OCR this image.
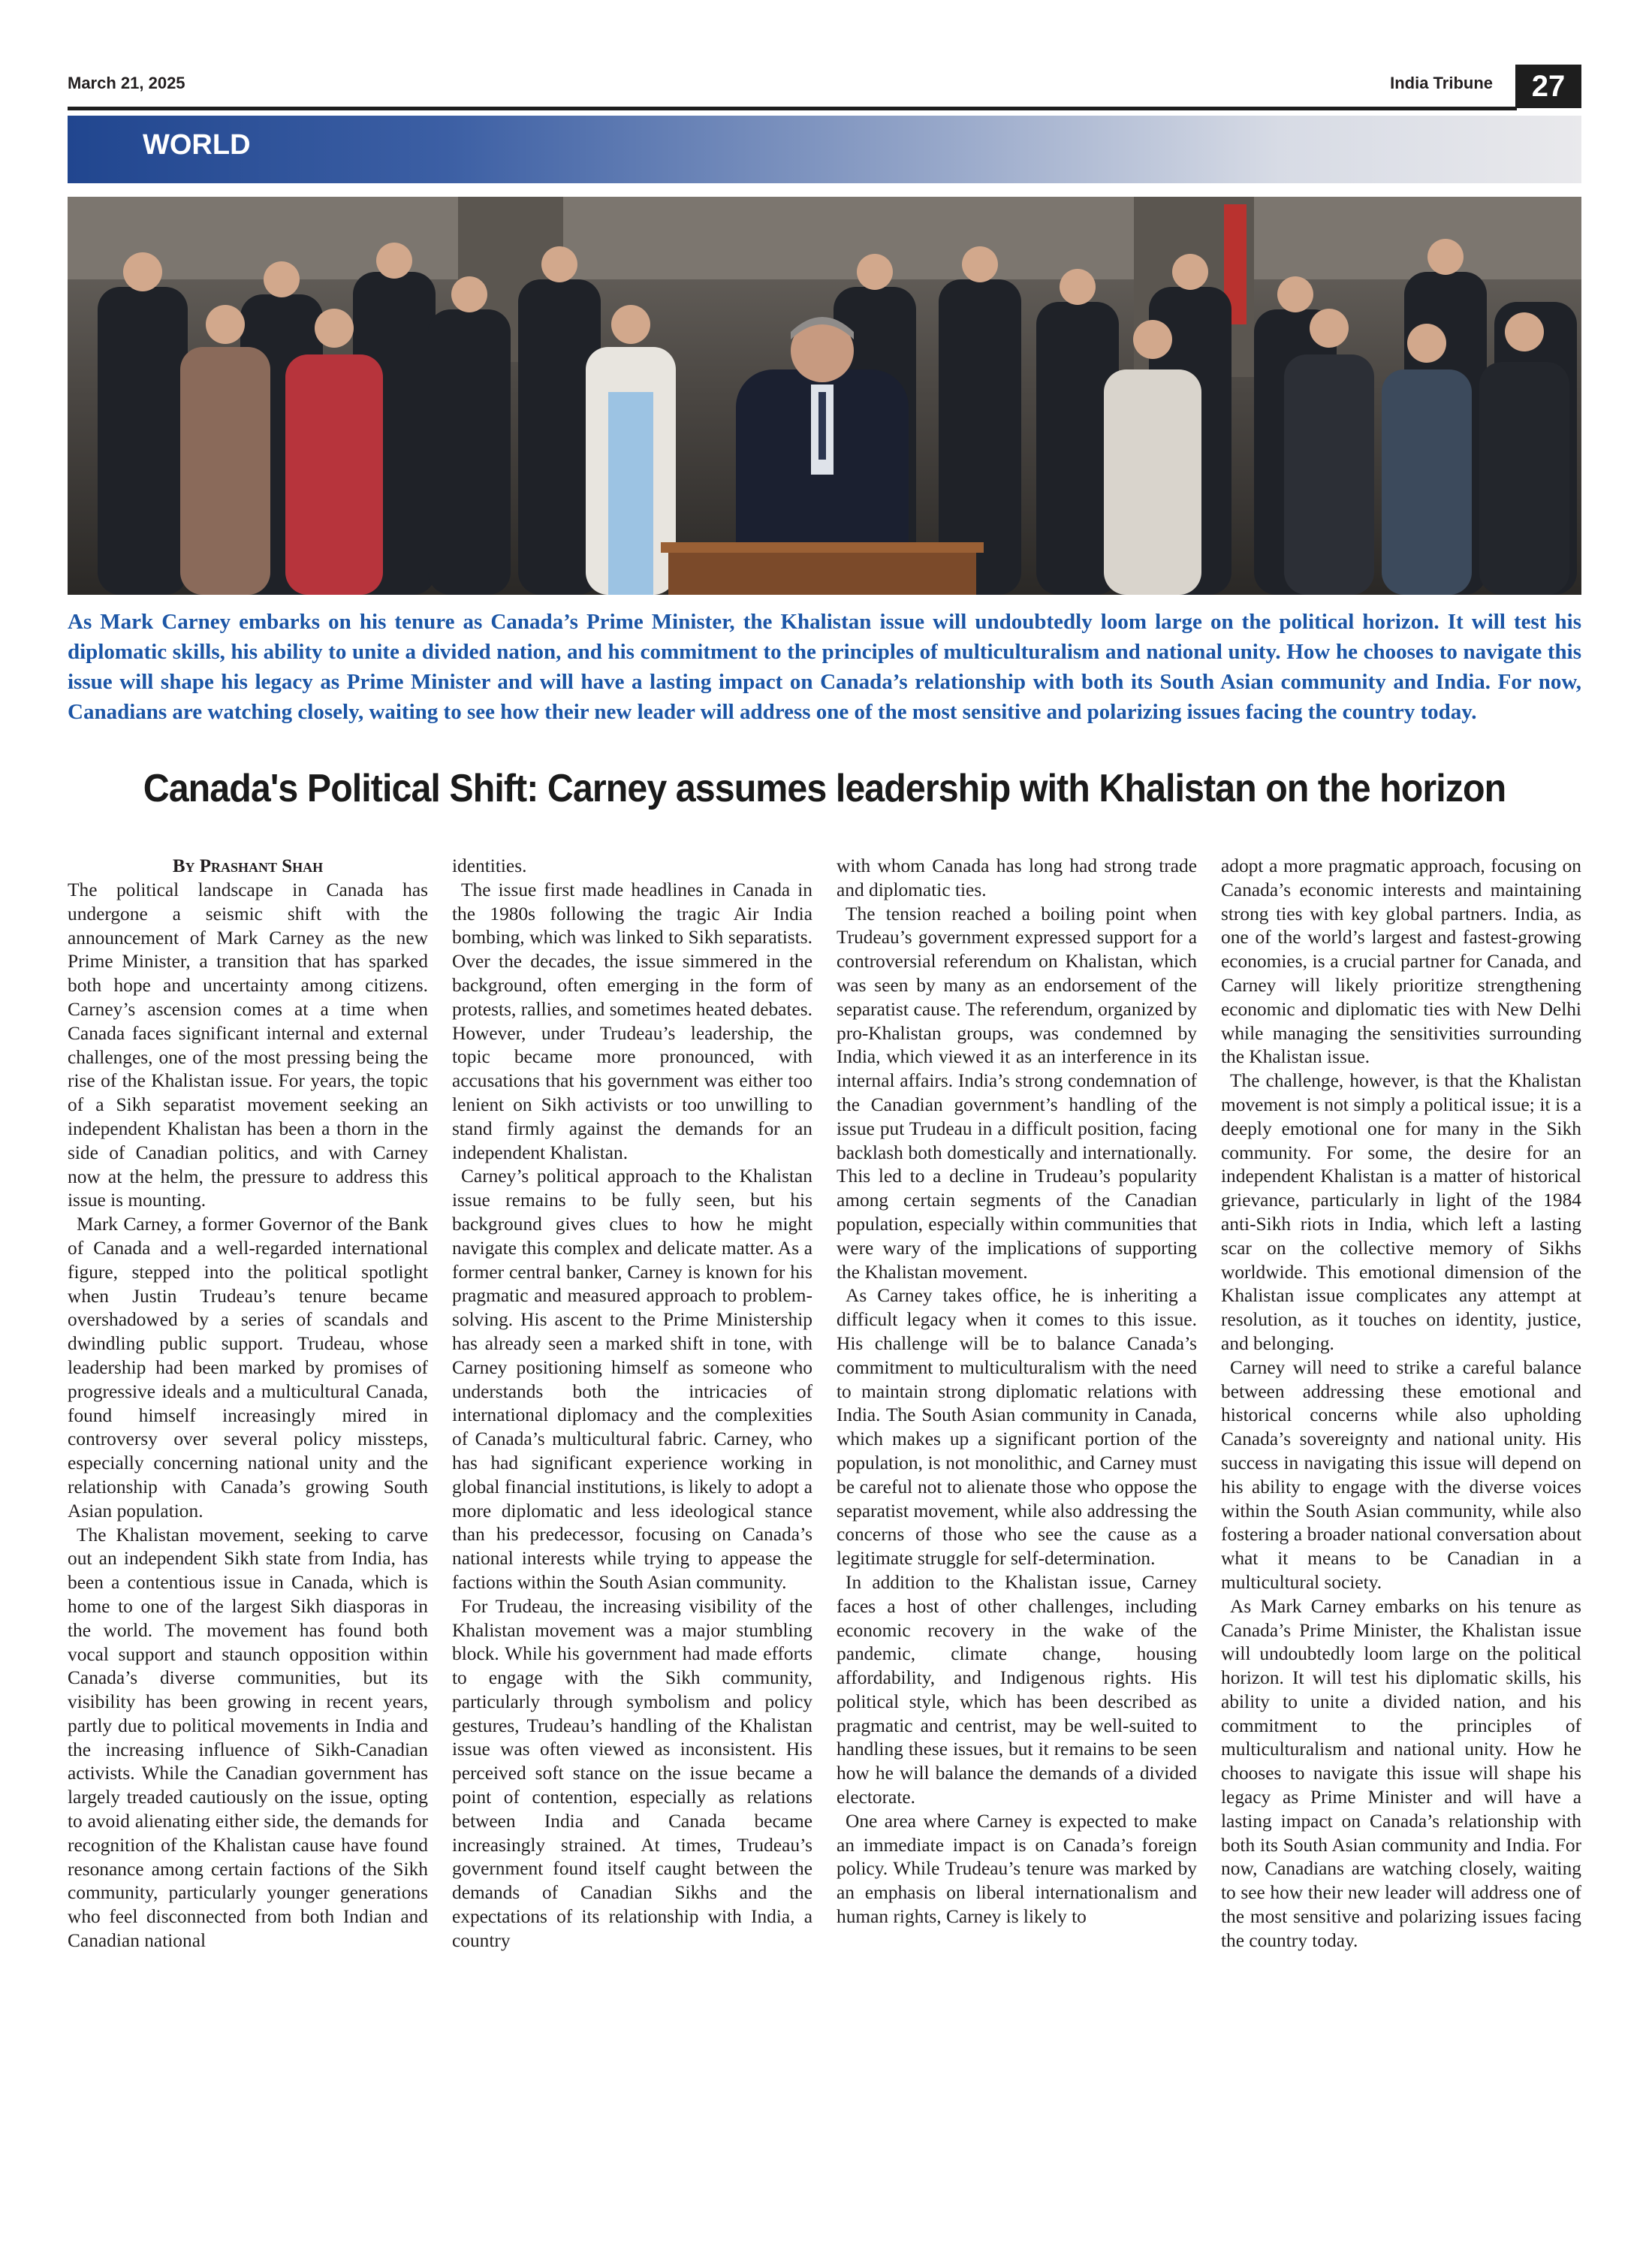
March 21, 2025	India Tribune	27
WORLD
As Mark Carney embarks on his tenure as Canada’s Prime Minister, the Khalistan issue will undoubtedly loom large on the political horizon. It will test his diplomatic skills, his ability to unite a divided nation, and his commitment to the principles of multiculturalism and national unity. How he chooses to navigate this issue will shape his legacy as Prime Minister and will have a lasting impact on Canada’s relationship with both its South Asian community and India. For now, Canadians are watching closely, waiting to see how their new leader will address one of the most sensitive and polarizing issues facing the country today.
Canada's Political Shift: Carney assumes leadership with Khalistan on the horizon
By Prashant Shah

The political landscape in Canada has undergone a seismic shift with the announcement of Mark Carney as the new Prime Minister, a transition that has sparked both hope and uncertainty among citizens. Carney’s ascension comes at a time when Canada faces significant internal and external challenges, one of the most pressing being the rise of the Khalistan issue. For years, the topic of a Sikh separatist movement seeking an independent Khalistan has been a thorn in the side of Canadian politics, and with Carney now at the helm, the pressure to address this issue is mounting.

Mark Carney, a former Governor of the Bank of Canada and a well-regarded international figure, stepped into the political spotlight when Justin Trudeau’s tenure became overshadowed by a series of scandals and dwindling public support. Trudeau, whose leadership had been marked by promises of progressive ideals and a multicultural Canada, found himself increasingly mired in controversy over several policy missteps, especially concerning national unity and the relationship with Canada’s growing South Asian population.

The Khalistan movement, seeking to carve out an independent Sikh state from India, has been a contentious issue in Canada, which is home to one of the largest Sikh diasporas in the world. The movement has found both vocal support and staunch opposition within Canada’s diverse communities, but its visibility has been growing in recent years, partly due to political movements in India and the increasing influence of Sikh-Canadian activists. While the Canadian government has largely treaded cautiously on the issue, opting to avoid alienating either side, the demands for recognition of the Khalistan cause have found resonance among certain factions of the Sikh community, particularly younger generations who feel disconnected from both Indian and Canadian national

identities.

The issue first made headlines in Canada in the 1980s following the tragic Air India bombing, which was linked to Sikh separatists. Over the decades, the issue simmered in the background, often emerging in the form of protests, rallies, and sometimes heated debates. However, under Trudeau’s leadership, the topic became more pronounced, with accusations that his government was either too lenient on Sikh activists or too unwilling to stand firmly against the demands for an independent Khalistan.

Carney’s political approach to the Khalistan issue remains to be fully seen, but his background gives clues to how he might navigate this complex and delicate matter. As a former central banker, Carney is known for his pragmatic and measured approach to problem-solving. His ascent to the Prime Ministership has already seen a marked shift in tone, with Carney positioning himself as someone who understands both the intricacies of international diplomacy and the complexities of Canada’s multicultural fabric. Carney, who has had significant experience working in global financial institutions, is likely to adopt a more diplomatic and less ideological stance than his predecessor, focusing on Canada’s national interests while trying to appease the factions within the South Asian community.

For Trudeau, the increasing visibility of the Khalistan movement was a major stumbling block. While his government had made efforts to engage with the Sikh community, particularly through symbolism and policy gestures, Trudeau’s handling of the Khalistan issue was often viewed as inconsistent. His perceived soft stance on the issue became a point of contention, especially as relations between India and Canada became increasingly strained. At times, Trudeau’s government found itself caught between the demands of Canadian Sikhs and the expectations of its relationship with India, a country

with whom Canada has long had strong trade and diplomatic ties.

The tension reached a boiling point when Trudeau’s government expressed support for a controversial referendum on Khalistan, which was seen by many as an endorsement of the separatist cause. The referendum, organized by pro-Khalistan groups, was condemned by India, which viewed it as an interference in its internal affairs. India’s strong condemnation of the Canadian government’s handling of the issue put Trudeau in a difficult position, facing backlash both domestically and internationally. This led to a decline in Trudeau’s popularity among certain segments of the Canadian population, especially within communities that were wary of the implications of supporting the Khalistan movement.

As Carney takes office, he is inheriting a difficult legacy when it comes to this issue. His challenge will be to balance Canada’s commitment to multiculturalism with the need to maintain strong diplomatic relations with India. The South Asian community in Canada, which makes up a significant portion of the population, is not monolithic, and Carney must be careful not to alienate those who oppose the separatist movement, while also addressing the concerns of those who see the cause as a legitimate struggle for self-determination.

In addition to the Khalistan issue, Carney faces a host of other challenges, including economic recovery in the wake of the pandemic, climate change, housing affordability, and Indigenous rights. His political style, which has been described as pragmatic and centrist, may be well-suited to handling these issues, but it remains to be seen how he will balance the demands of a divided electorate.

One area where Carney is expected to make an immediate impact is on Canada’s foreign policy. While Trudeau’s tenure was marked by an emphasis on liberal internationalism and human rights, Carney is likely to

adopt a more pragmatic approach, focusing on Canada’s economic interests and maintaining strong ties with key global partners. India, as one of the world’s largest and fastest-growing economies, is a crucial partner for Canada, and Carney will likely prioritize strengthening economic and diplomatic ties with New Delhi while managing the sensitivities surrounding the Khalistan issue.

The challenge, however, is that the Khalistan movement is not simply a political issue; it is a deeply emotional one for many in the Sikh community. For some, the desire for an independent Khalistan is a matter of historical grievance, particularly in light of the 1984 anti-Sikh riots in India, which left a lasting scar on the collective memory of Sikhs worldwide. This emotional dimension of the Khalistan issue complicates any attempt at resolution, as it touches on identity, justice, and belonging.

Carney will need to strike a careful balance between addressing these emotional and historical concerns while also upholding Canada’s sovereignty and national unity. His success in navigating this issue will depend on his ability to engage with the diverse voices within the South Asian community, while also fostering a broader national conversation about what it means to be Canadian in a multicultural society.

As Mark Carney embarks on his tenure as Canada’s Prime Minister, the Khalistan issue will undoubtedly loom large on the political horizon. It will test his diplomatic skills, his ability to unite a divided nation, and his commitment to the principles of multiculturalism and national unity. How he chooses to navigate this issue will shape his legacy as Prime Minister and will have a lasting impact on Canada’s relationship with both its South Asian community and India. For now, Canadians are watching closely, waiting to see how their new leader will address one of the most sensitive and polarizing issues facing the country today.
